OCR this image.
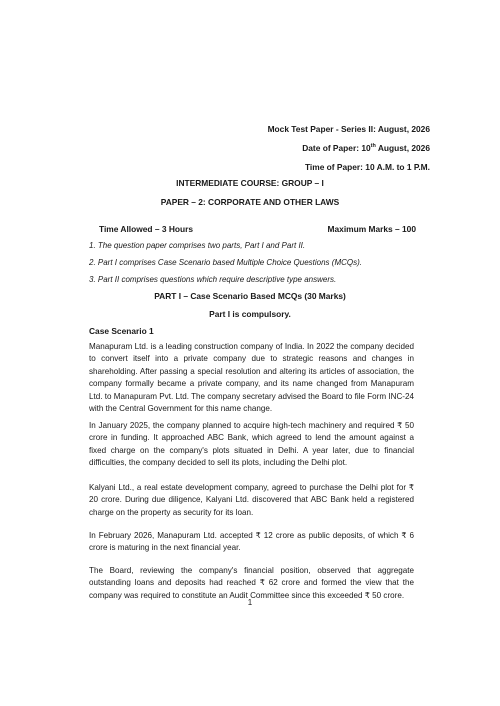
Mock Test Paper - Series II: August, 2026
Date of Paper: 10th August, 2026
Time of Paper: 10 A.M. to 1 P.M.
INTERMEDIATE COURSE: GROUP – I
PAPER – 2: CORPORATE AND OTHER LAWS
Time Allowed – 3 Hours	Maximum Marks – 100
1. The question paper comprises two parts, Part I and Part II.
2. Part I comprises Case Scenario based Multiple Choice Questions (MCQs).
3. Part II comprises questions which require descriptive type answers.
PART I – Case Scenario Based MCQs (30 Marks)
Part I is compulsory.
Case Scenario 1

Manapuram Ltd. is a leading construction company of India. In 2022 the company decided to convert itself into a private company due to strategic reasons and changes in shareholding. After passing a special resolution and altering its articles of association, the company formally became a private company, and its name changed from Manapuram Ltd. to Manapuram Pvt. Ltd. The company secretary advised the Board to file Form INC-24 with the Central Government for this name change.

In January 2025, the company planned to acquire high-tech machinery and required ₹ 50 crore in funding. It approached ABC Bank, which agreed to lend the amount against a fixed charge on the company's plots situated in Delhi. A year later, due to financial difficulties, the company decided to sell its plots, including the Delhi plot.

Kalyani Ltd., a real estate development company, agreed to purchase the Delhi plot for ₹ 20 crore. During due diligence, Kalyani Ltd. discovered that ABC Bank held a registered charge on the property as security for its loan.

In February 2026, Manapuram Ltd. accepted ₹ 12 crore as public deposits, of which ₹ 6 crore is maturing in the next financial year.

The Board, reviewing the company's financial position, observed that aggregate outstanding loans and deposits had reached ₹ 62 crore and formed the view that the company was required to constitute an Audit Committee since this exceeded ₹ 50 crore.

1
